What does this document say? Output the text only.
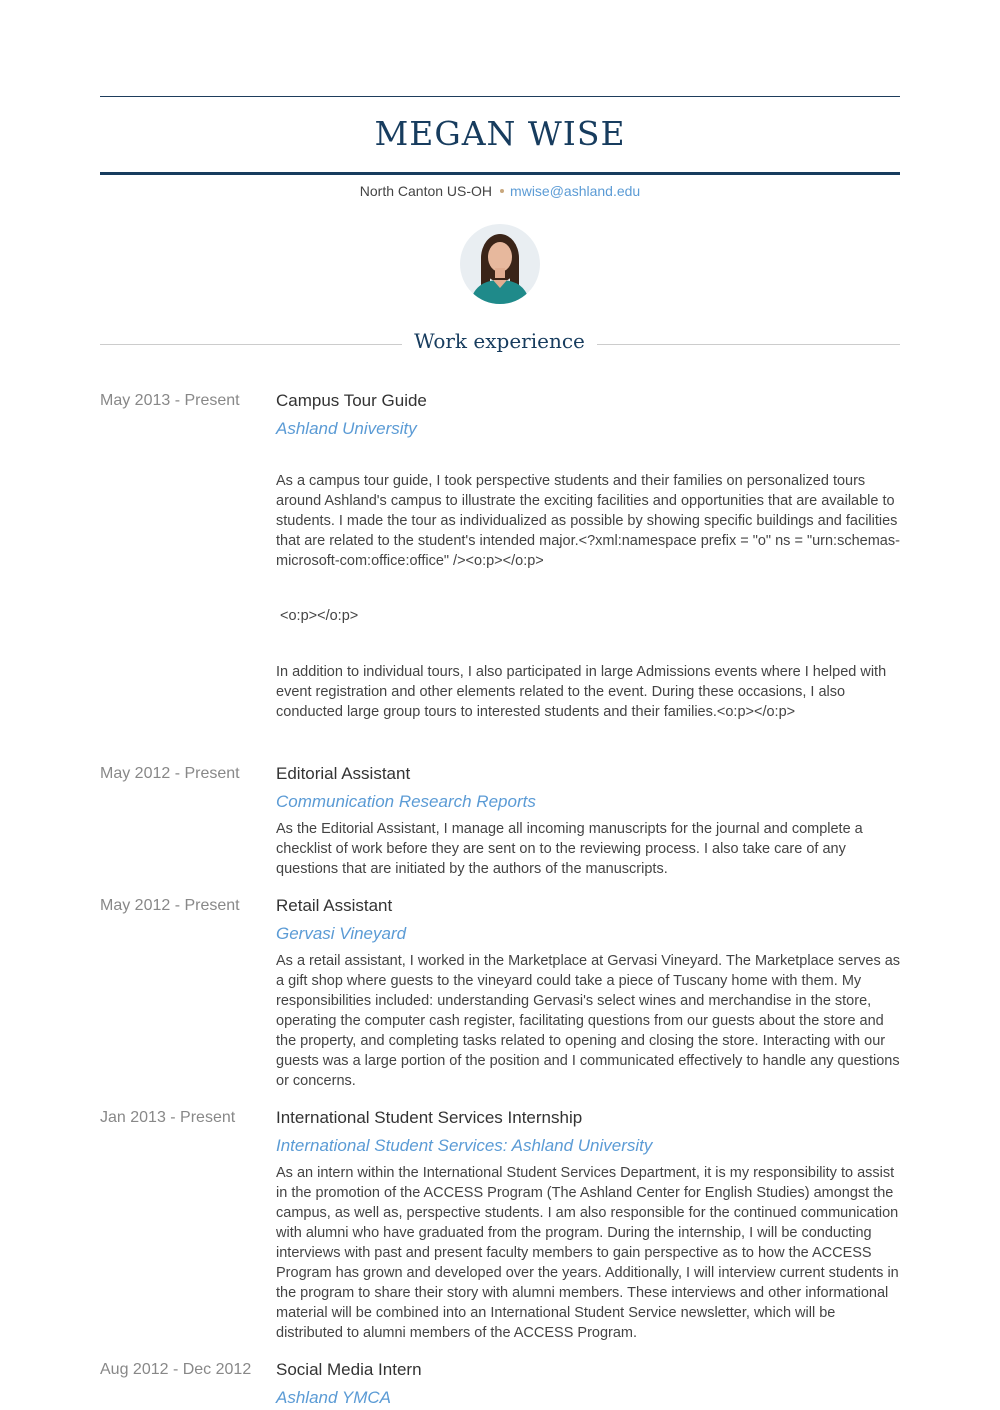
MEGAN WISE
North Canton US-OH mwise@ashland.edu
Work experience
May 2013 - Present Campus Tour Guide
Ashland University

As a campus tour guide, I took perspective students and their families on personalized tours around Ashland's campus to illustrate the exciting facilities and opportunities that are available to students. I made the tour as individualized as possible by showing specific buildings and facilities that are related to the student's intended major.<?xml:namespace prefix = "o" ns = "urn:schemas-microsoft-com:office:office" /><o:p></o:p>

<o:p></o:p>

In addition to individual tours, I also participated in large Admissions events where I helped with event registration and other elements related to the event. During these occasions, I also conducted large group tours to interested students and their families.<o:p></o:p>

May 2012 - Present Editorial Assistant
Communication Research Reports

As the Editorial Assistant, I manage all incoming manuscripts for the journal and complete a checklist of work before they are sent on to the reviewing process. I also take care of any questions that are initiated by the authors of the manuscripts.

May 2012 - Present Retail Assistant
Gervasi Vineyard

As a retail assistant, I worked in the Marketplace at Gervasi Vineyard. The Marketplace serves as a gift shop where guests to the vineyard could take a piece of Tuscany home with them. My responsibilities included: understanding Gervasi's select wines and merchandise in the store, operating the computer cash register, facilitating questions from our guests about the store and the property, and completing tasks related to opening and closing the store. Interacting with our guests was a large portion of the position and I communicated effectively to handle any questions or concerns.

Jan 2013 - Present International Student Services Internship
International Student Services: Ashland University

As an intern within the International Student Services Department, it is my responsibility to assist in the promotion of the ACCESS Program (The Ashland Center for English Studies) amongst the campus, as well as, perspective students. I am also responsible for the continued communication with alumni who have graduated from the program. During the internship, I will be conducting interviews with past and present faculty members to gain perspective as to how the ACCESS Program has grown and developed over the years. Additionally, I will interview current students in the program to share their story with alumni members. These interviews and other informational material will be combined into an International Student Service newsletter, which will be distributed to alumni members of the ACCESS Program.

Aug 2012 - Dec 2012 Social Media Intern
Ashland YMCA
